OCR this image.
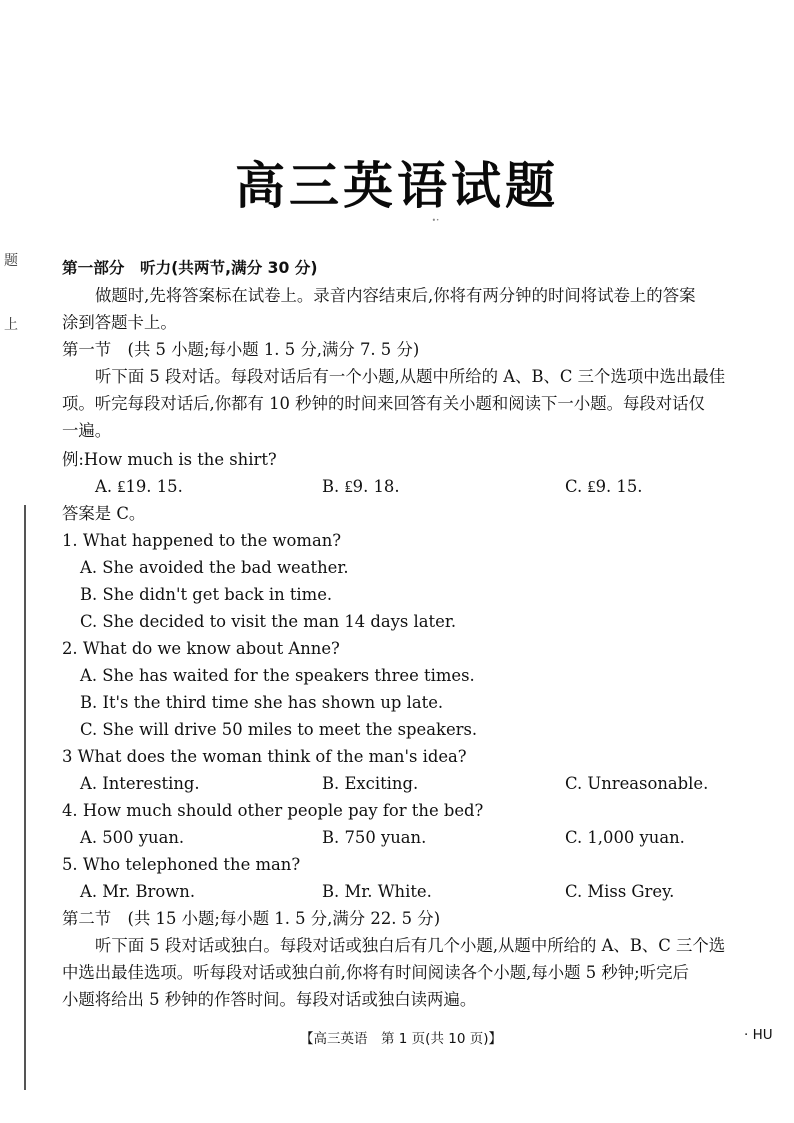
高三英语试题
ꞏ·
题
上
第一部分　听力(共两节,满分 30 分)
做题时,先将答案标在试卷上。录音内容结束后,你将有两分钟的时间将试卷上的答案
涂到答题卡上。
第一节　(共 5 小题;每小题 1. 5 分,满分 7. 5 分)
听下面 5 段对话。每段对话后有一个小题,从题中所给的 A、B、C 三个选项中选出最佳
项。听完每段对话后,你都有 10 秒钟的时间来回答有关小题和阅读下一小题。每段对话仅
一遍。
例:How much is the shirt?
A. ₤19. 15.	B. ₤9. 18.	C. ₤9. 15.
答案是 C。
1. What happened to the woman?
A. She avoided the bad weather.
B. She didn't get back in time.
C. She decided to visit the man 14 days later.
2. What do we know about Anne?
A. She has waited for the speakers three times.
B. It's the third time she has shown up late.
C. She will drive 50 miles to meet the speakers.
3 What does the woman think of the man's idea?
A. Interesting.	B. Exciting.	C. Unreasonable.
4. How much should other people pay for the bed?
A. 500 yuan.	B. 750 yuan.	C. 1,000 yuan.
5. Who telephoned the man?
A. Mr. Brown.	B. Mr. White.	C. Miss Grey.
第二节　(共 15 小题;每小题 1. 5 分,满分 22. 5 分)
听下面 5 段对话或独白。每段对话或独白后有几个小题,从题中所给的 A、B、C 三个选
中选出最佳选项。听每段对话或独白前,你将有时间阅读各个小题,每小题 5 秒钟;听完后
小题将给出 5 秒钟的作答时间。每段对话或独白读两遍。
【高三英语　第 1 页(共 10 页)】	· HU
